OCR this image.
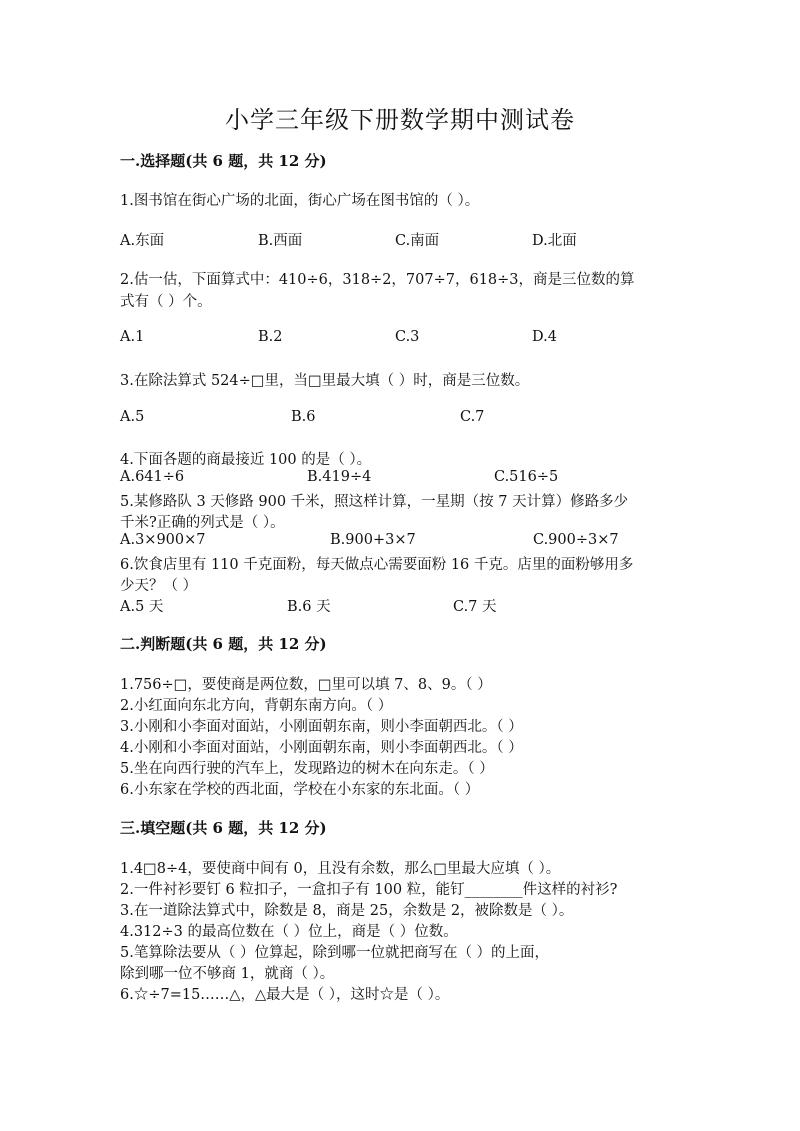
小学三年级下册数学期中测试卷
一.选择题(共 6 题，共 12 分)
1.图书馆在街心广场的北面，街心广场在图书馆的（ ）。
A.东面	B.西面	C.南面	D.北面
2.估一估，下面算式中：410÷6，318÷2，707÷7，618÷3，商是三位数的算
式有（ ）个。
A.1	B.2	C.3	D.4
3.在除法算式 524÷□里，当□里最大填（ ）时，商是三位数。
A.5	B.6	C.7
4.下面各题的商最接近 100 的是（ ）。
A.641÷6	B.419÷4	C.516÷5
5.某修路队 3 天修路 900 千米，照这样计算，一星期（按 7 天计算）修路多少
千米?正确的列式是（ ）。
A.3×900×7	B.900+3×7	C.900÷3×7
6.饮食店里有 110 千克面粉，每天做点心需要面粉 16 千克。店里的面粉够用多
少天？（ ）
A.5 天	B.6 天	C.7 天
二.判断题(共 6 题，共 12 分)
1.756÷□，要使商是两位数，□里可以填 7、8、9。（ ）
2.小红面向东北方向，背朝东南方向。（ ）
3.小刚和小李面对面站，小刚面朝东南，则小李面朝西北。（ ）
4.小刚和小李面对面站，小刚面朝东南，则小李面朝西北。（ ）
5.坐在向西行驶的汽车上，发现路边的树木在向东走。（ ）
6.小东家在学校的西北面，学校在小东家的东北面。（ ）
三.填空题(共 6 题，共 12 分)
1.4□8÷4，要使商中间有 0，且没有余数，那么□里最大应填（ ）。
2.一件衬衫要钉 6 粒扣子，一盒扣子有 100 粒，能钉________件这样的衬衫?
3.在一道除法算式中，除数是 8，商是 25，余数是 2，被除数是（ ）。
4.312÷3 的最高位数在（ ）位上，商是（ ）位数。
5.笔算除法要从（ ）位算起，除到哪一位就把商写在（ ）的上面，
除到哪一位不够商 1，就商（ ）。
6.☆÷7=15……△，△最大是（ ），这时☆是（ ）。
